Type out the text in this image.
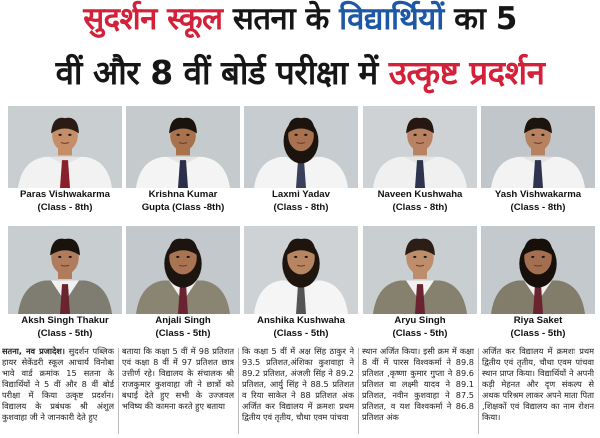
सुदर्शन स्कूल सतना के विद्यार्थियों का 5
वीं और 8 वीं बोर्ड परीक्षा में उत्कृष्ट प्रदर्शन
Paras Vishwakarma
(Class - 8th)
Krishna Kumar
Gupta (Class -8th)
Laxmi Yadav
(Class - 8th)
Naveen Kushwaha
(Class - 8th)
Yash Vishwakarma
(Class - 8th)
Aksh Singh Thakur
(Class - 5th)
Anjali Singh
(Class - 5th)
Anshika Kushwaha
(Class - 5th)
Aryu Singh
(Class - 5th)
Riya Saket
(Class - 5th)
सतना, नव प्रजादेश। सुदर्शन पब्लिक हायर सेकेंडरी स्कूल आचार्य विनोबा भावे वार्ड क्रमांक 15 सतना के विद्यार्थियों ने 5 वीं और 8 वीं बोर्ड परीक्षा में किया उत्कृष्ट प्रदर्शन। विद्यालय के प्रबंधक श्री अंशुल कुशवाहा जी ने जानकारी देते हुए
बताया कि कक्षा 5 वीं में 98 प्रतिशत एवं कक्षा 8 वीं में 97 प्रतिशत छात्र उत्तीर्ण रहे। विद्यालय के संचालक श्री राजकुमार कुशवाहा जी ने छात्रों को बधाई देते हुए सभी के उज्जवल भविष्य की कामना करते हुए बताया
कि कक्षा 5 वीं में अक्ष सिंह ठाकुर ने 93.5 प्रतिशत,अंशिका कुशवाहा ने 89.2 प्रतिशत, अंजली सिंह ने 89.2 प्रतिशत, आर्यु सिंह ने 88.5 प्रतिशत व रिया साकेत ने 88 प्रतिशत अंक अर्जित कर विद्यालय में क्रमशः प्रथम द्वितीय एवं तृतीय, चौथा एवम पांचवा
स्थान अर्जित किया। इसी क्रम में कक्षा 8 वीं में पारस विश्वकर्मा ने 89.8 प्रतिशत ,कृष्णा कुमार गुप्ता ने 89.6 प्रतिशत वा लक्ष्मी यादव ने 89.1 प्रतिशत, नवीन कुशवाहा ने 87.5 प्रतिशत, व यश विश्वकर्मा ने 86.8 प्रतिशत अंक
अर्जित कर विद्यालय में क्रमशः प्रथम द्वितीय एवं तृतीय, चौथा एवम पांचवा स्थान प्राप्त किया। विद्यार्थियों ने अपनी कड़ी मेहनत और दृण संकल्प से अथक परिश्रम लाकर अपने माता पिता ,शिक्षकों एवं विद्यालय का नाम रोशन किया।
